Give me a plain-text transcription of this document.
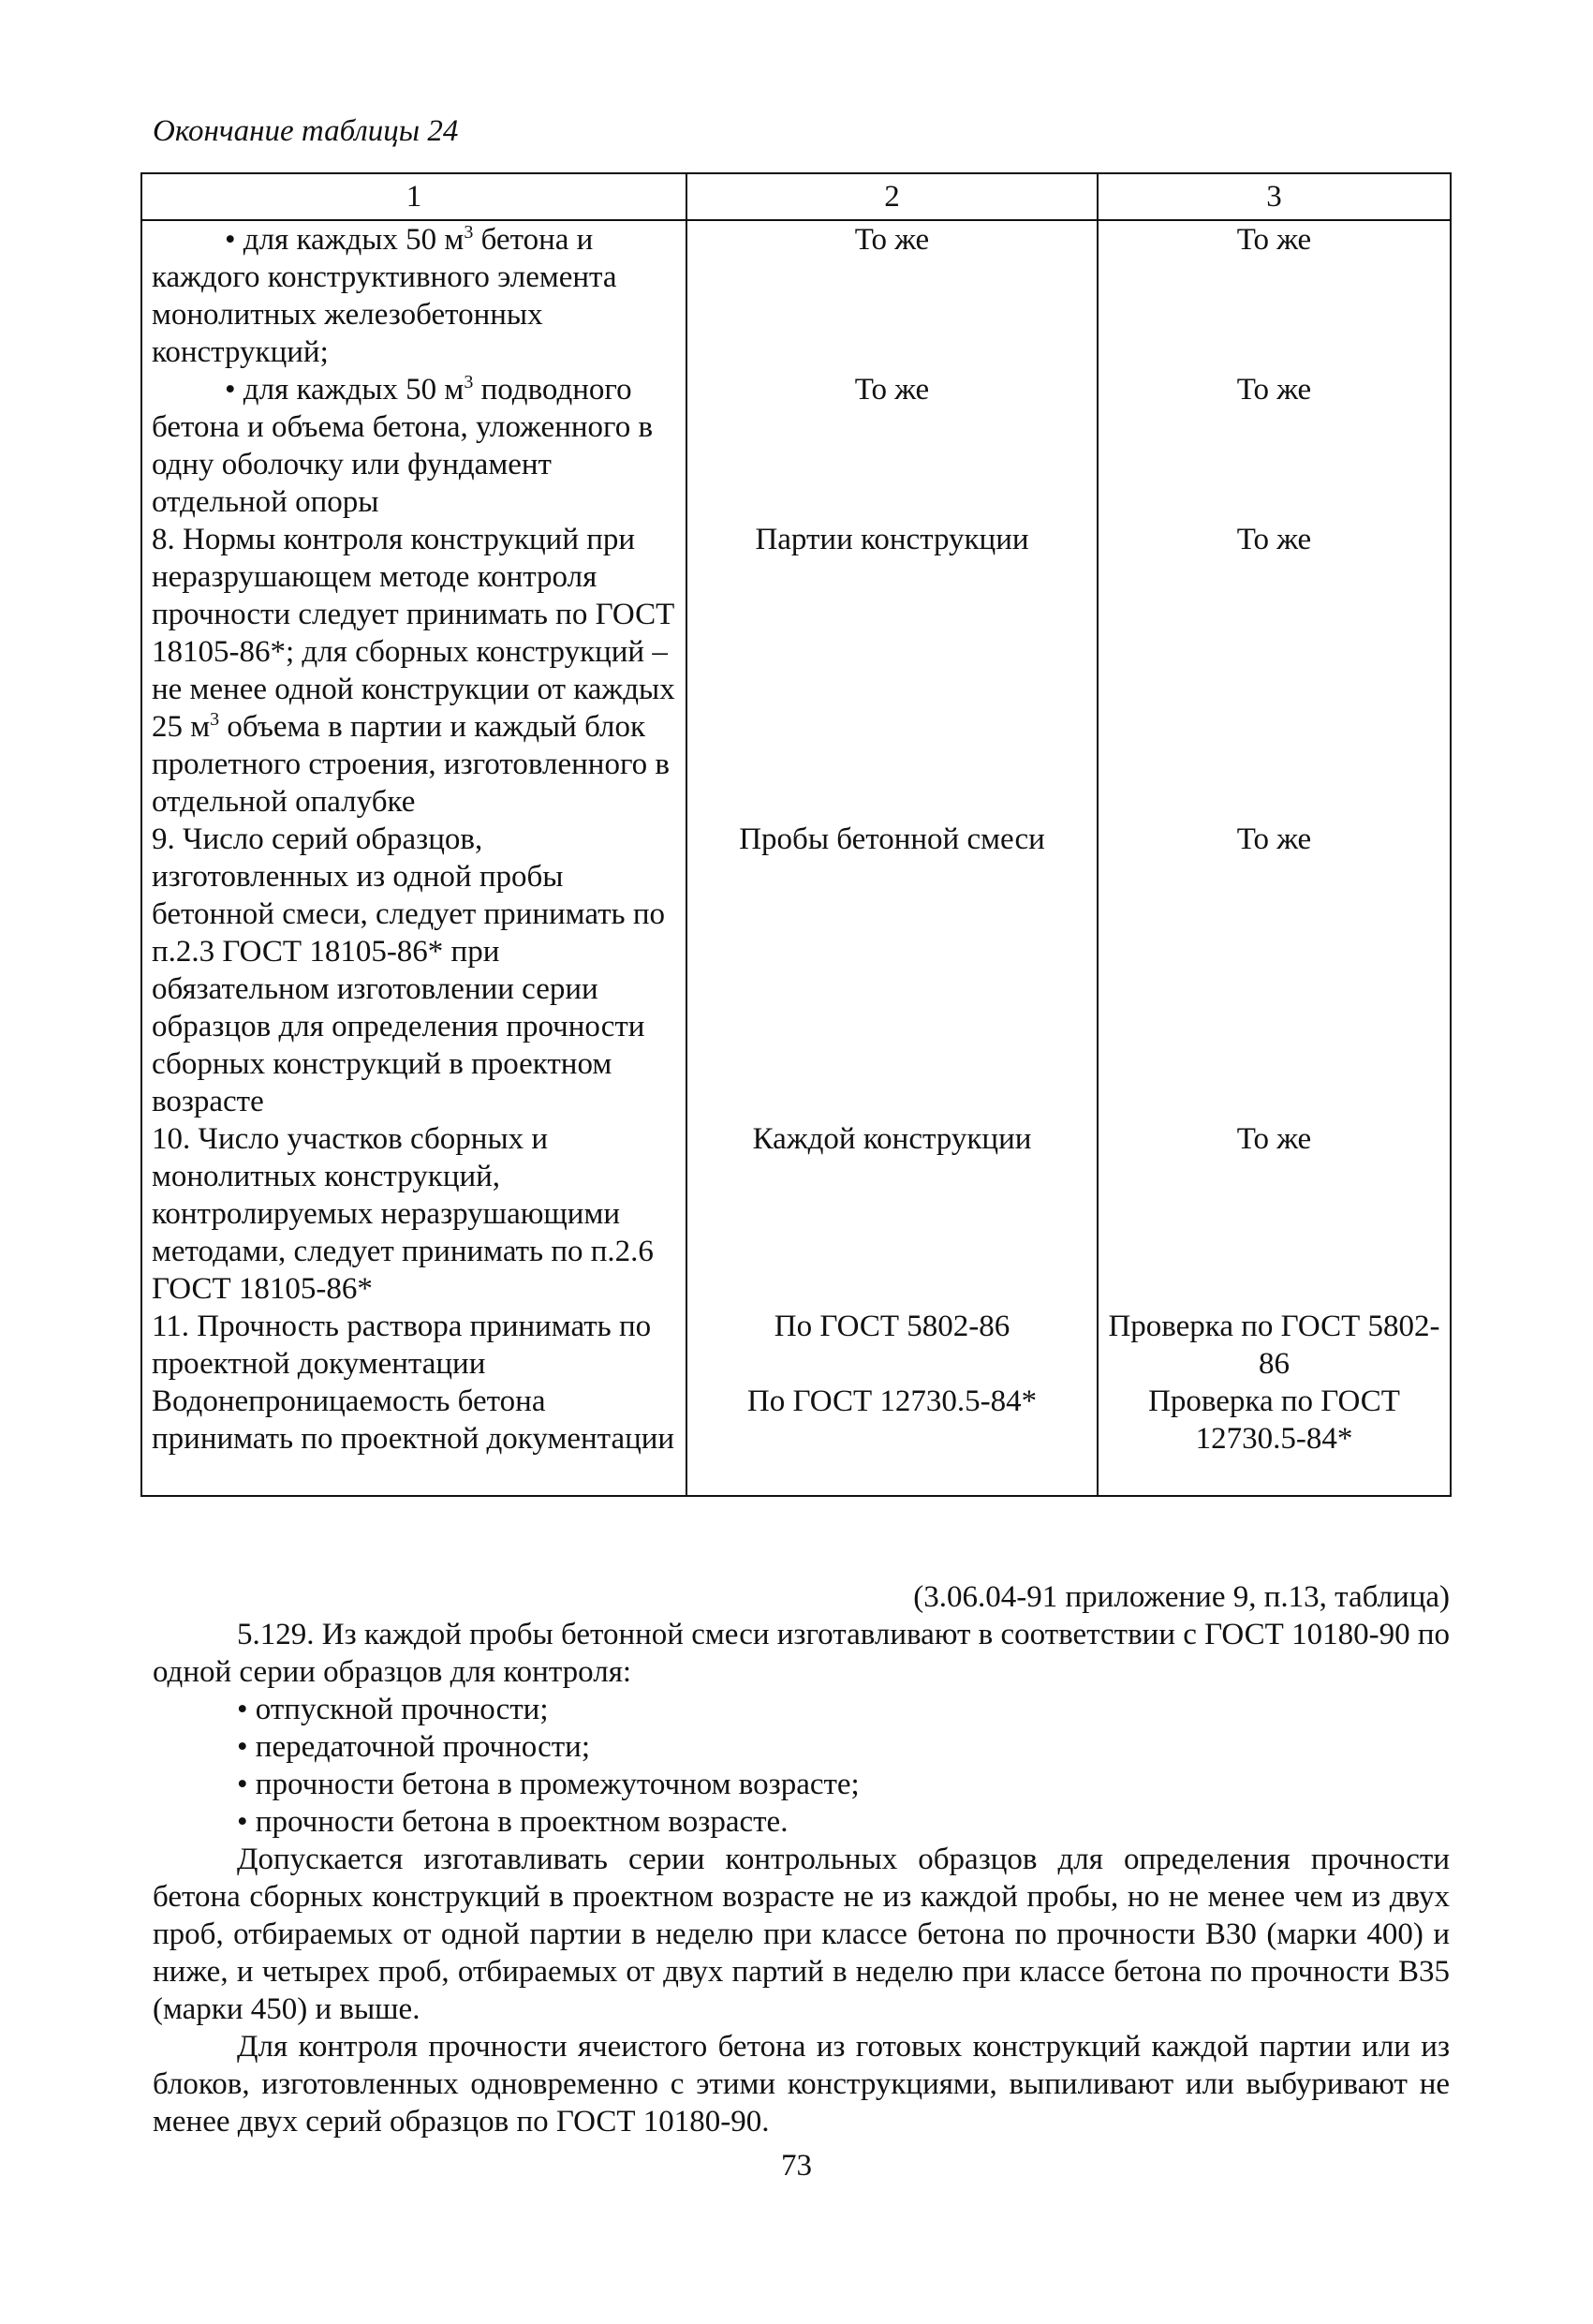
Окончание таблицы 24
1	2	3

• для каждых 50 $м^3$ бетона и каждого конструктивного элемента монолитных железобетонных конструкций;	То же	То же

• для каждых 50 $м^3$ подводного бетона и объема бетона, уложенного в одну оболочку или фундамент отдельной опоры	То же	То же
8. Нормы контроля конструкций при неразрушающем методе контроля прочности следует принимать по ГОСТ 18105-86*; для сборных конструкций – не менее одной конструкции от каждых 25 $м^3$ объема в партии и каждый блок пролетного строения, изготовленного в отдельной опалубке	Партии конструкции	То же
9. Число серий образцов, изготовленных из одной пробы бетонной смеси, следует принимать по п.2.3 ГОСТ 18105-86* при обязательном изготовлении серии образцов для определения прочности сборных конструкций в проектном возрасте	Пробы бетонной смеси	То же
10. Число участков сборных и монолитных конструкций, контролируемых неразрушающими методами, следует принимать по п.2.6 ГОСТ 18105-86*	Каждой конструкции	То же
11. Прочность раствора принимать по проектной документации	По ГОСТ 5802-86	Проверка по ГОСТ 5802-86

Водонепроницаемость бетона принимать по проектной документации	По ГОСТ 12730.5-84*	Проверка по ГОСТ 12730.5-84*
(3.06.04-91 приложение 9, п.13, таблица)

5.129. Из каждой пробы бетонной смеси изготавливают в соответствии с ГОСТ 10180-90 по одной серии образцов для контроля:

• отпускной прочности;
• передаточной прочности;
• прочности бетона в промежуточном возрасте;
• прочности бетона в проектном возрасте.

Допускается изготавливать серии контрольных образцов для определения прочности бетона сборных конструкций в проектном возрасте не из каждой пробы, но не менее чем из двух проб, отбираемых от одной партии в неделю при классе бетона по прочности В30 (марки 400) и ниже, и четырех проб, отбираемых от двух партий в неделю при классе бетона по прочности В35 (марки 450) и выше.

Для контроля прочности ячеистого бетона из готовых конструкций каждой партии или из блоков, изготовленных одновременно с этими конструкциями, выпиливают или выбуривают не менее двух серий образцов по ГОСТ 10180-90.

73
